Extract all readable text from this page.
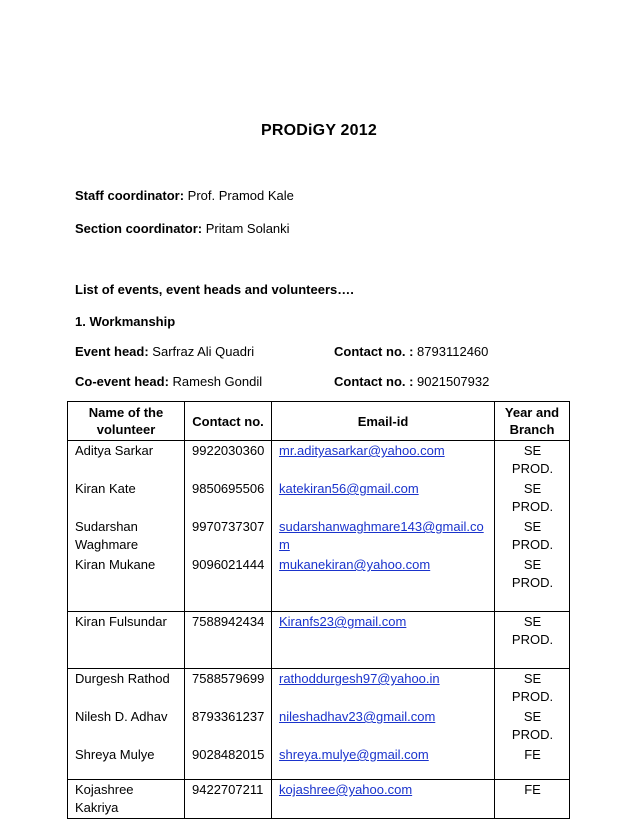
PRODiGY 2012
Staff coordinator: Prof. Pramod Kale
Section coordinator: Pritam Solanki
List of events, event heads and volunteers….
1. Workmanship
Event head: Sarfraz Ali Quadri	Contact no. : 8793112460
Co-event head: Ramesh Gondil	Contact no. : 9021507932
Name of the volunteer	Contact no.	Email-id	Year and Branch
Aditya Sarkar	9922030360	mr.adityasarkar@yahoo.com	SE PROD.
Kiran Kate	9850695506	katekiran56@gmail.com	SE PROD.
Sudarshan Waghmare	9970737307	sudarshanwaghmare143@gmail.com	SE PROD.
Kiran Mukane	9096021444	mukanekiran@yahoo.com	SE PROD.

Kiran Fulsundar	7588942434	Kiranfs23@gmail.com	SE PROD.

Durgesh Rathod	7588579699	rathoddurgesh97@yahoo.in	SE PROD.
Nilesh D. Adhav	8793361237	nileshadhav23@gmail.com	SE PROD.
Shreya Mulye	9028482015	shreya.mulye@gmail.com	FE
Kojashree Kakriya	9422707211	kojashree@yahoo.com	FE
